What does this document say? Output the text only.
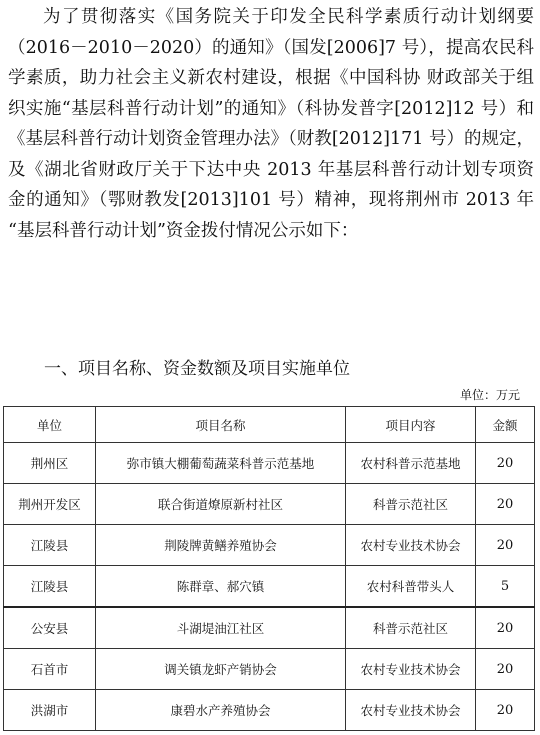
为了贯彻落实《国务院关于印发全民科学素质行动计划纲要（2016－2010－2020）的通知》（国发[2006]7 号），提高农民科学素质，助力社会主义新农村建设，根据《中国科协 财政部关于组织实施“基层科普行动计划”的通知》（科协发普字[2012]12 号）和《基层科普行动计划资金管理办法》（财教[2012]171 号）的规定，及《湖北省财政厅关于下达中央 2013 年基层科普行动计划专项资金的通知》（鄂财教发[2013]101 号）精神，现将荆州市 2013 年 “基层科普行动计划”资金拨付情况公示如下：

一、项目名称、资金数额及项目实施单位

单位：万元

单位	项目名称	项目内容	金额
荆州区	弥市镇大棚葡萄蔬菜科普示范基地	农村科普示范基地	20
荆州开发区	联合街道燎原新村社区	科普示范社区	20
江陵县	荆陵牌黄鳝养殖协会	农村专业技术协会	20
江陵县	陈群章、郝穴镇	农村科普带头人	5
公安县	斗湖堤油江社区	科普示范社区	20
石首市	调关镇龙虾产销协会	农村专业技术协会	20
洪湖市	康碧水产养殖协会	农村专业技术协会	20
